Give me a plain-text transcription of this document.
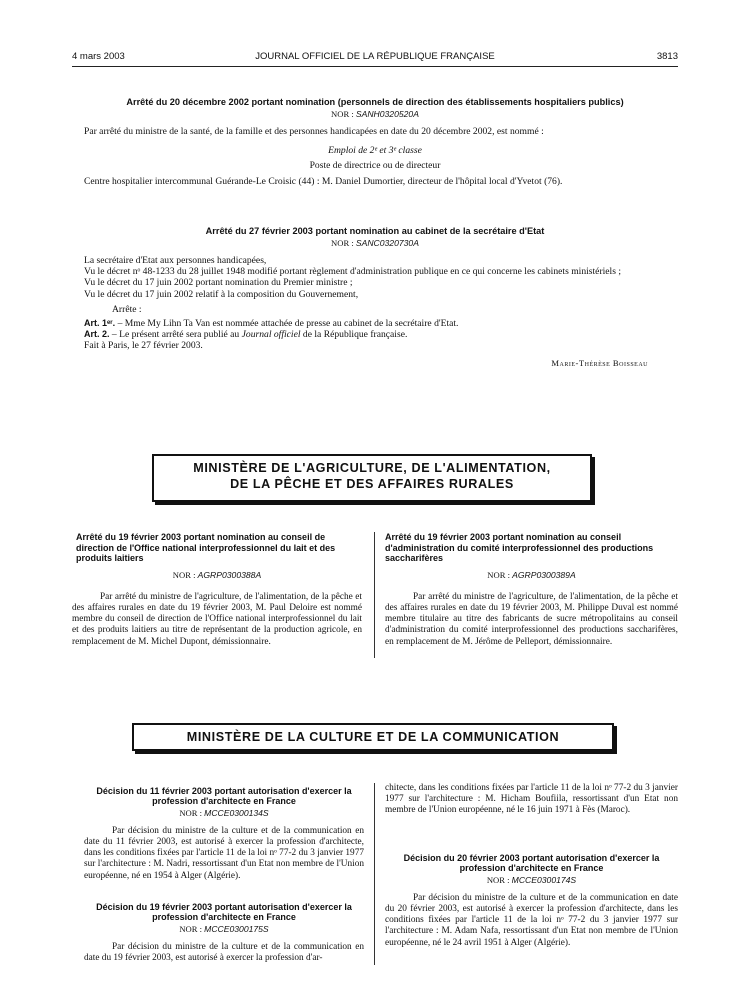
4 mars 2003	JOURNAL OFFICIEL DE LA RÉPUBLIQUE FRANÇAISE	3813
Arrêté du 20 décembre 2002 portant nomination (personnels de direction des établissements hospitaliers publics)
NOR : SANH0320520A
Par arrêté du ministre de la santé, de la famille et des personnes handicapées en date du 20 décembre 2002, est nommé :
Emploi de 2ᵉ et 3ᵉ classe
Poste de directrice ou de directeur
Centre hospitalier intercommunal Guérande-Le Croisic (44) : M. Daniel Dumortier, directeur de l'hôpital local d'Yvetot (76).
Arrêté du 27 février 2003 portant nomination au cabinet de la secrétaire d'Etat
NOR : SANC0320730A
La secrétaire d'Etat aux personnes handicapées,
Vu le décret nᵒ 48-1233 du 28 juillet 1948 modifié portant règlement d'administration publique en ce qui concerne les cabinets ministériels ;
Vu le décret du 17 juin 2002 portant nomination du Premier ministre ;
Vu le décret du 17 juin 2002 relatif à la composition du Gouvernement,
Arrête :
Art. 1ᵉʳ. – Mme My Lihn Ta Van est nommée attachée de presse au cabinet de la secrétaire d'Etat.
Art. 2. – Le présent arrêté sera publié au Journal officiel de la République française.
Fait à Paris, le 27 février 2003.
Marie-Thérèse Boisseau
MINISTÈRE DE L'AGRICULTURE, DE L'ALIMENTATION,
DE LA PÊCHE ET DES AFFAIRES RURALES
Arrêté du 19 février 2003 portant nomination au conseil de direction de l'Office national interprofessionnel du lait et des produits laitiers
NOR : AGRP0300388A
Par arrêté du ministre de l'agriculture, de l'alimentation, de la pêche et des affaires rurales en date du 19 février 2003, M. Paul Deloire est nommé membre du conseil de direction de l'Office national interprofessionnel du lait et des produits laitiers au titre de représentant de la production agricole, en remplacement de M. Michel Dupont, démissionnaire.
Arrêté du 19 février 2003 portant nomination au conseil d'administration du comité interprofessionnel des productions saccharifères
NOR : AGRP0300389A
Par arrêté du ministre de l'agriculture, de l'alimentation, de la pêche et des affaires rurales en date du 19 février 2003, M. Philippe Duval est nommé membre titulaire au titre des fabricants de sucre métropolitains au conseil d'administration du comité interprofessionnel des productions saccharifères, en remplacement de M. Jérôme de Pelleport, démissionnaire.
MINISTÈRE DE LA CULTURE ET DE LA COMMUNICATION
Décision du 11 février 2003 portant autorisation d'exercer la profession d'architecte en France
NOR : MCCE0300134S
Par décision du ministre de la culture et de la communication en date du 11 février 2003, est autorisé à exercer la profession d'architecte, dans les conditions fixées par l'article 11 de la loi nᵒ 77-2 du 3 janvier 1977 sur l'architecture : M. Nadri, ressortissant d'un Etat non membre de l'Union européenne, né en 1954 à Alger (Algérie).
Décision du 19 février 2003 portant autorisation d'exercer la profession d'architecte en France
NOR : MCCE0300175S
Par décision du ministre de la culture et de la communication en date du 19 février 2003, est autorisé à exercer la profession d'ar-
chitecte, dans les conditions fixées par l'article 11 de la loi nᵒ 77-2 du 3 janvier 1977 sur l'architecture : M. Hicham Boufiila, ressortissant d'un Etat non membre de l'Union européenne, né le 16 juin 1971 à Fès (Maroc).
Décision du 20 février 2003 portant autorisation d'exercer la profession d'architecte en France
NOR : MCCE0300174S
Par décision du ministre de la culture et de la communication en date du 20 février 2003, est autorisé à exercer la profession d'architecte, dans les conditions fixées par l'article 11 de la loi nᵒ 77-2 du 3 janvier 1977 sur l'architecture : M. Adam Nafa, ressortissant d'un Etat non membre de l'Union européenne, né le 24 avril 1951 à Alger (Algérie).
